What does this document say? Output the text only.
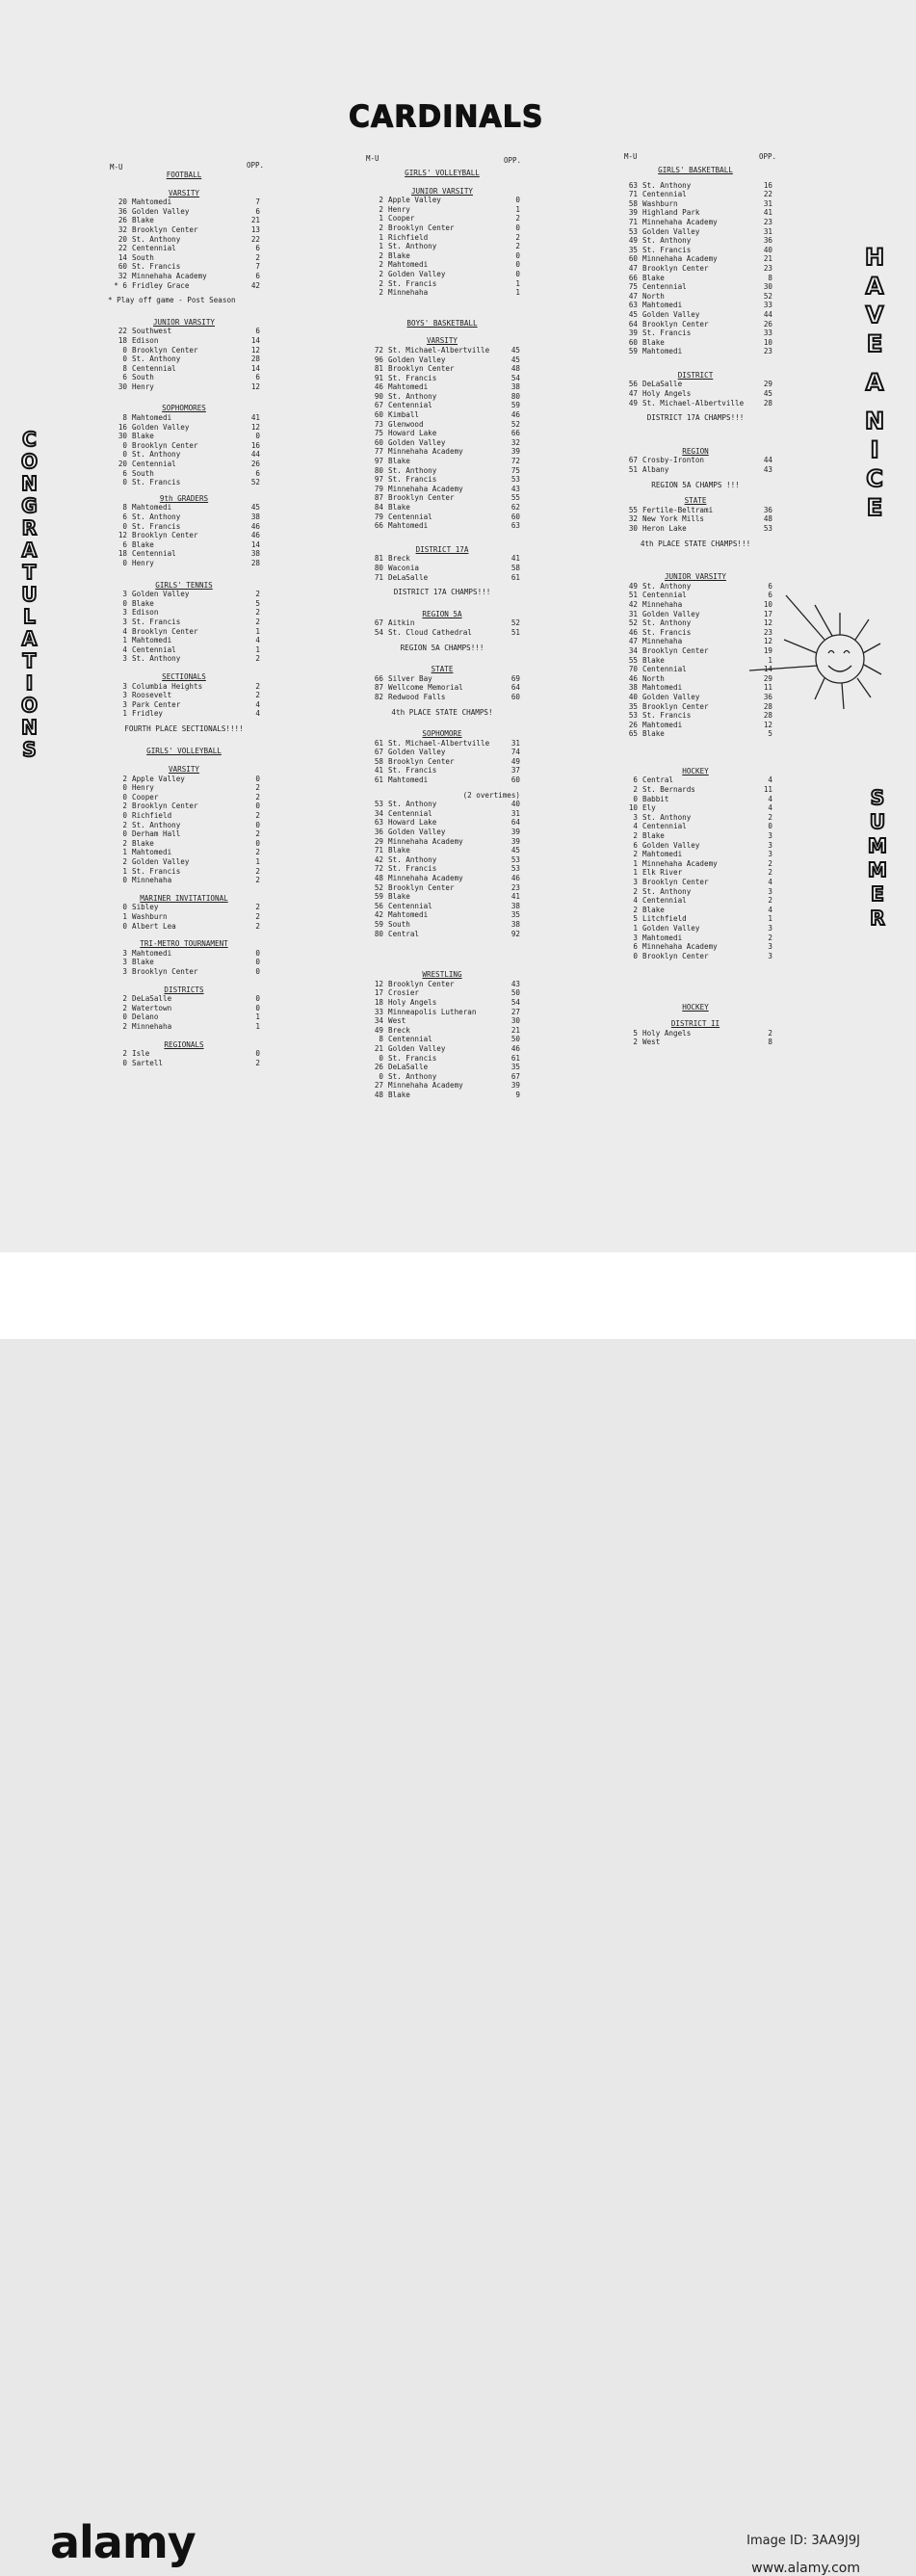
CARDINALS
M-U	OPP.
M-U	OPP.	M-U	OPP.
FOOTBALL
VARSITY
20 Mahtomedi	7
36 Golden Valley	6
26 Blake	21
32 Brooklyn Center	13
20 St. Anthony	22
22 Centennial	6
14 South	2
60 St. Francis	7
32 Minnehaha Academy	6
* 6 Fridley Grace	42
* Play off game - Post Season
JUNIOR VARSITY
22 Southwest	6
18 Edison	14
0 Brooklyn Center	12
0 St. Anthony	28
8 Centennial	14
6 South	6
30 Henry	12
SOPHOMORES
8 Mahtomedi	41
16 Golden Valley	12
30 Blake	0
0 Brooklyn Center	16
0 St. Anthony	44
20 Centennial	26
6 South	6
0 St. Francis	52
9th GRADERS
8 Mahtomedi	45
6 St. Anthony	38
0 St. Francis	46
12 Brooklyn Center	46
6 Blake	14
18 Centennial	38
0 Henry	28
GIRLS' TENNIS
3 Golden Valley	2
0 Blake	5
3 Edison	2
3 St. Francis	2
4 Brooklyn Center	1
1 Mahtomedi	4
4 Centennial	1
3 St. Anthony	2
SECTIONALS
3 Columbia Heights	2
3 Roosevelt	2
3 Park Center	4
1 Fridley	4
FOURTH PLACE SECTIONALS!!!!
GIRLS' VOLLEYBALL
VARSITY
2 Apple Valley	0
0 Henry	2
0 Cooper	2
2 Brooklyn Center	0
0 Richfield	2
2 St. Anthony	0
0 Derham Hall	2
2 Blake	0
1 Mahtomedi	2
2 Golden Valley	1
1 St. Francis	2
0 Minnehaha	2
MARINER INVITATIONAL
0 Sibley	2
1 Washburn	2
0 Albert Lea	2
TRI-METRO TOURNAMENT
3 Mahtomedi	0
3 Blake	0
3 Brooklyn Center	0
DISTRICTS
2 DeLaSalle	0
2 Watertown	0
0 Delano	1
2 Minnehaha	1
REGIONALS
2 Isle	0
0 Sartell	2
GIRLS' VOLLEYBALL
JUNIOR VARSITY
2 Apple Valley	0
2 Henry	1
1 Cooper	2
2 Brooklyn Center	0
1 Richfield	2
1 St. Anthony	2
2 Blake	0
2 Mahtomedi	0
2 Golden Valley	0
2 St. Francis	1
2 Minnehaha	1
BOYS' BASKETBALL
VARSITY
72 St. Michael-Albertville	45
96 Golden Valley	45
81 Brooklyn Center	48
91 St. Francis	54
46 Mahtomedi	38
90 St. Anthony	80
67 Centennial	59
60 Kimball	46
73 Glenwood	52
75 Howard Lake	66
60 Golden Valley	32
77 Minnehaha Academy	39
97 Blake	72
80 St. Anthony	75
97 St. Francis	53
79 Minnehaha Academy	43
87 Brooklyn Center	55
84 Blake	62
79 Centennial	60
66 Mahtomedi	63
DISTRICT 17A
81 Breck	41
80 Waconia	58
71 DeLaSalle	61
DISTRICT 17A CHAMPS!!!
REGION 5A
67 Aitkin	52
54 St. Cloud Cathedral	51
REGION 5A CHAMPS!!!
STATE
66 Silver Bay	69
87 Wellcome Memorial	64
82 Redwood Falls	60
4th PLACE STATE CHAMPS!
SOPHOMORE
61 St. Michael-Albertville	31
67 Golden Valley	74
58 Brooklyn Center	49
41 St. Francis	37
61 Mahtomedi	60
(2 overtimes)
53 St. Anthony	40
34 Centennial	31
63 Howard Lake	64
36 Golden Valley	39
29 Minnehaha Academy	39
71 Blake	45
42 St. Anthony	53
72 St. Francis	53
48 Minnehaha Academy	46
52 Brooklyn Center	23
59 Blake	41
56 Centennial	38
42 Mahtomedi	35
59 South	38
80 Central	92
WRESTLING
12 Brooklyn Center	43
17 Crosier	50
18 Holy Angels	54
33 Minneapolis Lutheran	27
34 West	30
49 Breck	21
8 Centennial	50
21 Golden Valley	46
0 St. Francis	61
26 DeLaSalle	35
0 St. Anthony	67
27 Minnehaha Academy	39
48 Blake	9
GIRLS' BASKETBALL
63 St. Anthony	16
71 Centennial	22
58 Washburn	31
39 Highland Park	41
71 Minnehaha Academy	23
53 Golden Valley	31
49 St. Anthony	36
35 St. Francis	40
60 Minnehaha Academy	21
47 Brooklyn Center	23
66 Blake	8
75 Centennial	30
47 North	52
63 Mahtomedi	33
45 Golden Valley	44
64 Brooklyn Center	26
39 St. Francis	33
60 Blake	10
59 Mahtomedi	23
DISTRICT
56 DeLaSalle	29
47 Holy Angels	45
49 St. Michael-Albertville	28
DISTRICT 17A CHAMPS!!!
REGION
67 Crosby-Ironton	44
51 Albany	43
REGION 5A CHAMPS !!!
STATE
55 Fertile-Beltrami	36
32 New York Mills	48
30 Heron Lake	53
4th PLACE STATE CHAMPS!!!
JUNIOR VARSITY
49 St. Anthony	6
51 Centennial	6
42 Minnehaha	10
31 Golden Valley	17
52 St. Anthony	12
46 St. Francis	23
47 Minnehaha	12
34 Brooklyn Center	19
55 Blake	1
70 Centennial	14
46 North	29
38 Mahtomedi	11
40 Golden Valley	36
35 Brooklyn Center	28
53 St. Francis	28
26 Mahtomedi	12
65 Blake	5
HOCKEY
6 Central	4
2 St. Bernards	11
0 Babbit	4
10 Ely	4
3 St. Anthony	2
4 Centennial	0
2 Blake	3
6 Golden Valley	3
2 Mahtomedi	3
1 Minnehaha Academy	2
1 Elk River	2
3 Brooklyn Center	4
2 St. Anthony	3
4 Centennial	2
2 Blake	4
5 Litchfield	1
1 Golden Valley	3
3 Mahtomedi	2
6 Minnehaha Academy	3
0 Brooklyn Center	3
HOCKEY
DISTRICT II
5 Holy Angels	2
2 West	8
C
O
N
G
R
A
T
U
L
A
T
I
O
N
S
H
A
V
E
A
N
I
C
E
S
U
M
M
E
R
alamy	Image ID: 3AA9J9J
www.alamy.com
